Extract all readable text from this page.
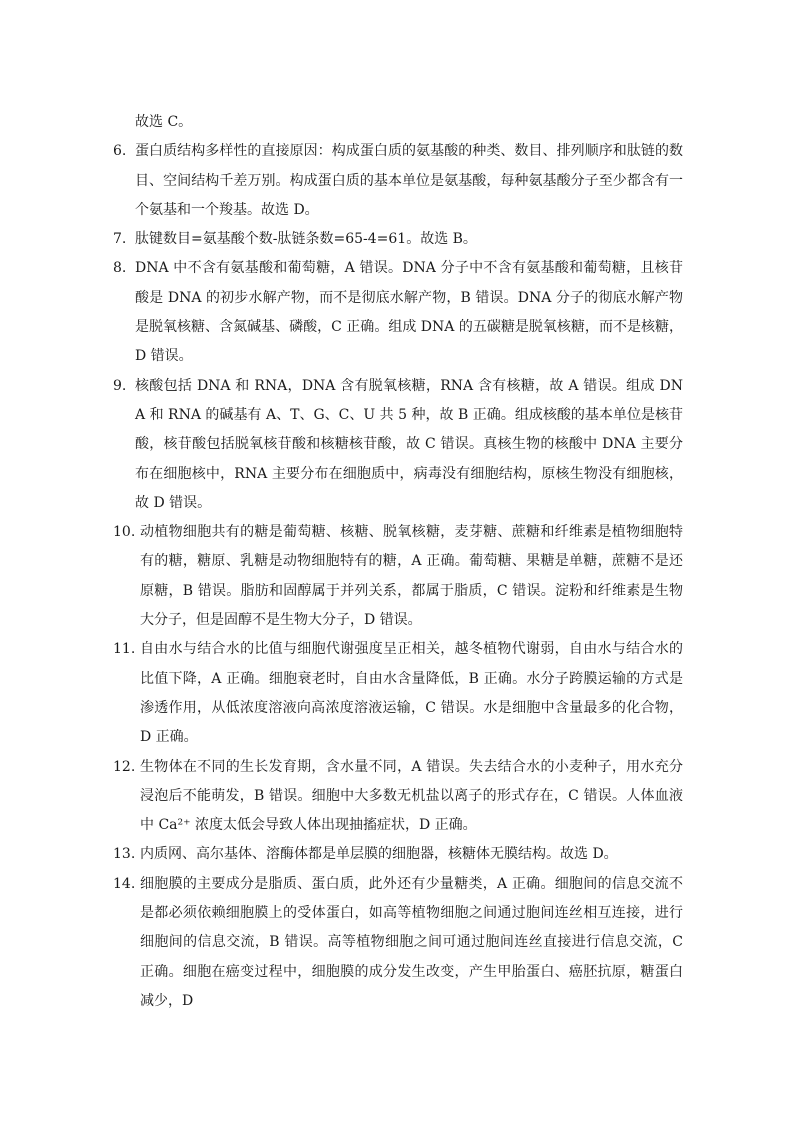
故选 C。

6. 蛋白质结构多样性的直接原因：构成蛋白质的氨基酸的种类、数目、排列顺序和肽链的数目、空间结构千差万别。构成蛋白质的基本单位是氨基酸，每种氨基酸分子至少都含有一个氨基和一个羧基。故选 D。

7. 肽键数目=氨基酸个数-肽链条数=65-4=61。故选 B。

8. DNA 中不含有氨基酸和葡萄糖，A 错误。DNA 分子中不含有氨基酸和葡萄糖，且核苷酸是 DNA 的初步水解产物，而不是彻底水解产物，B 错误。DNA 分子的彻底水解产物是脱氧核糖、含氮碱基、磷酸，C 正确。组成 DNA 的五碳糖是脱氧核糖，而不是核糖，D 错误。

9. 核酸包括 DNA 和 RNA，DNA 含有脱氧核糖，RNA 含有核糖，故 A 错误。组成 DNA 和 RNA 的碱基有 A、T、G、C、U 共 5 种，故 B 正确。组成核酸的基本单位是核苷酸，核苷酸包括脱氧核苷酸和核糖核苷酸，故 C 错误。真核生物的核酸中 DNA 主要分布在细胞核中，RNA 主要分布在细胞质中，病毒没有细胞结构，原核生物没有细胞核，故 D 错误。

10. 动植物细胞共有的糖是葡萄糖、核糖、脱氧核糖，麦芽糖、蔗糖和纤维素是植物细胞特有的糖，糖原、乳糖是动物细胞特有的糖，A 正确。葡萄糖、果糖是单糖，蔗糖不是还原糖，B 错误。脂肪和固醇属于并列关系，都属于脂质，C 错误。淀粉和纤维素是生物大分子，但是固醇不是生物大分子，D 错误。

11. 自由水与结合水的比值与细胞代谢强度呈正相关，越冬植物代谢弱，自由水与结合水的比值下降，A 正确。细胞衰老时，自由水含量降低，B 正确。水分子跨膜运输的方式是渗透作用，从低浓度溶液向高浓度溶液运输，C 错误。水是细胞中含量最多的化合物，D 正确。

12. 生物体在不同的生长发育期，含水量不同，A 错误。失去结合水的小麦种子，用水充分浸泡后不能萌发，B 错误。细胞中大多数无机盐以离子的形式存在，C 错误。人体血液中 Ca²⁺ 浓度太低会导致人体出现抽搐症状，D 正确。

13. 内质网、高尔基体、溶酶体都是单层膜的细胞器，核糖体无膜结构。故选 D。

14. 细胞膜的主要成分是脂质、蛋白质，此外还有少量糖类，A 正确。细胞间的信息交流不是都必须依赖细胞膜上的受体蛋白，如高等植物细胞之间通过胞间连丝相互连接，进行细胞间的信息交流，B 错误。高等植物细胞之间可通过胞间连丝直接进行信息交流，C 正确。细胞在癌变过程中，细胞膜的成分发生改变，产生甲胎蛋白、癌胚抗原，糖蛋白减少，D
